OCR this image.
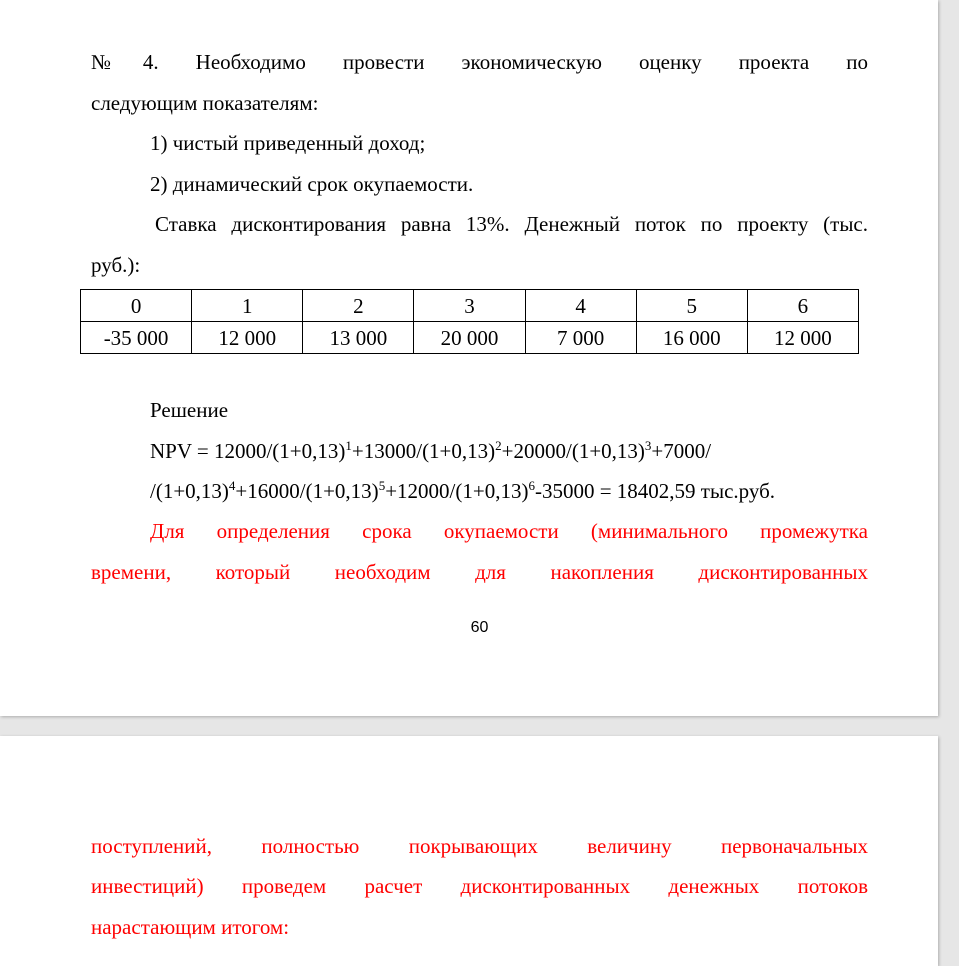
№4. Необходимо провести экономическую оценку проекта по
следующим показателям:
1) чистый приведенный доход;
2) динамический срок окупаемости.
Ставка дисконтирования равна 13%. Денежный поток по проекту (тыс.
руб.):
0	1	2	3	4	5	6
-35 000	12 000	13 000	20 000	7 000	16 000	12 000
Решение
NPV = $12000/(1+0,13)^1+13000/(1+0,13)^2+20000/(1+0,13)^3+7000/$
$/(1+0,13)^4+16000/(1+0,13)^5+12000/(1+0,13)^6-35000 = 18402,59$ тыс.руб.
Для определения срока окупаемости (минимального промежутка
времени, который необходим для накопления дисконтированных
60
поступлений, полностью покрывающих величину первоначальных
инвестиций) проведем расчет дисконтированных денежных потоков
нарастающим итогом:
